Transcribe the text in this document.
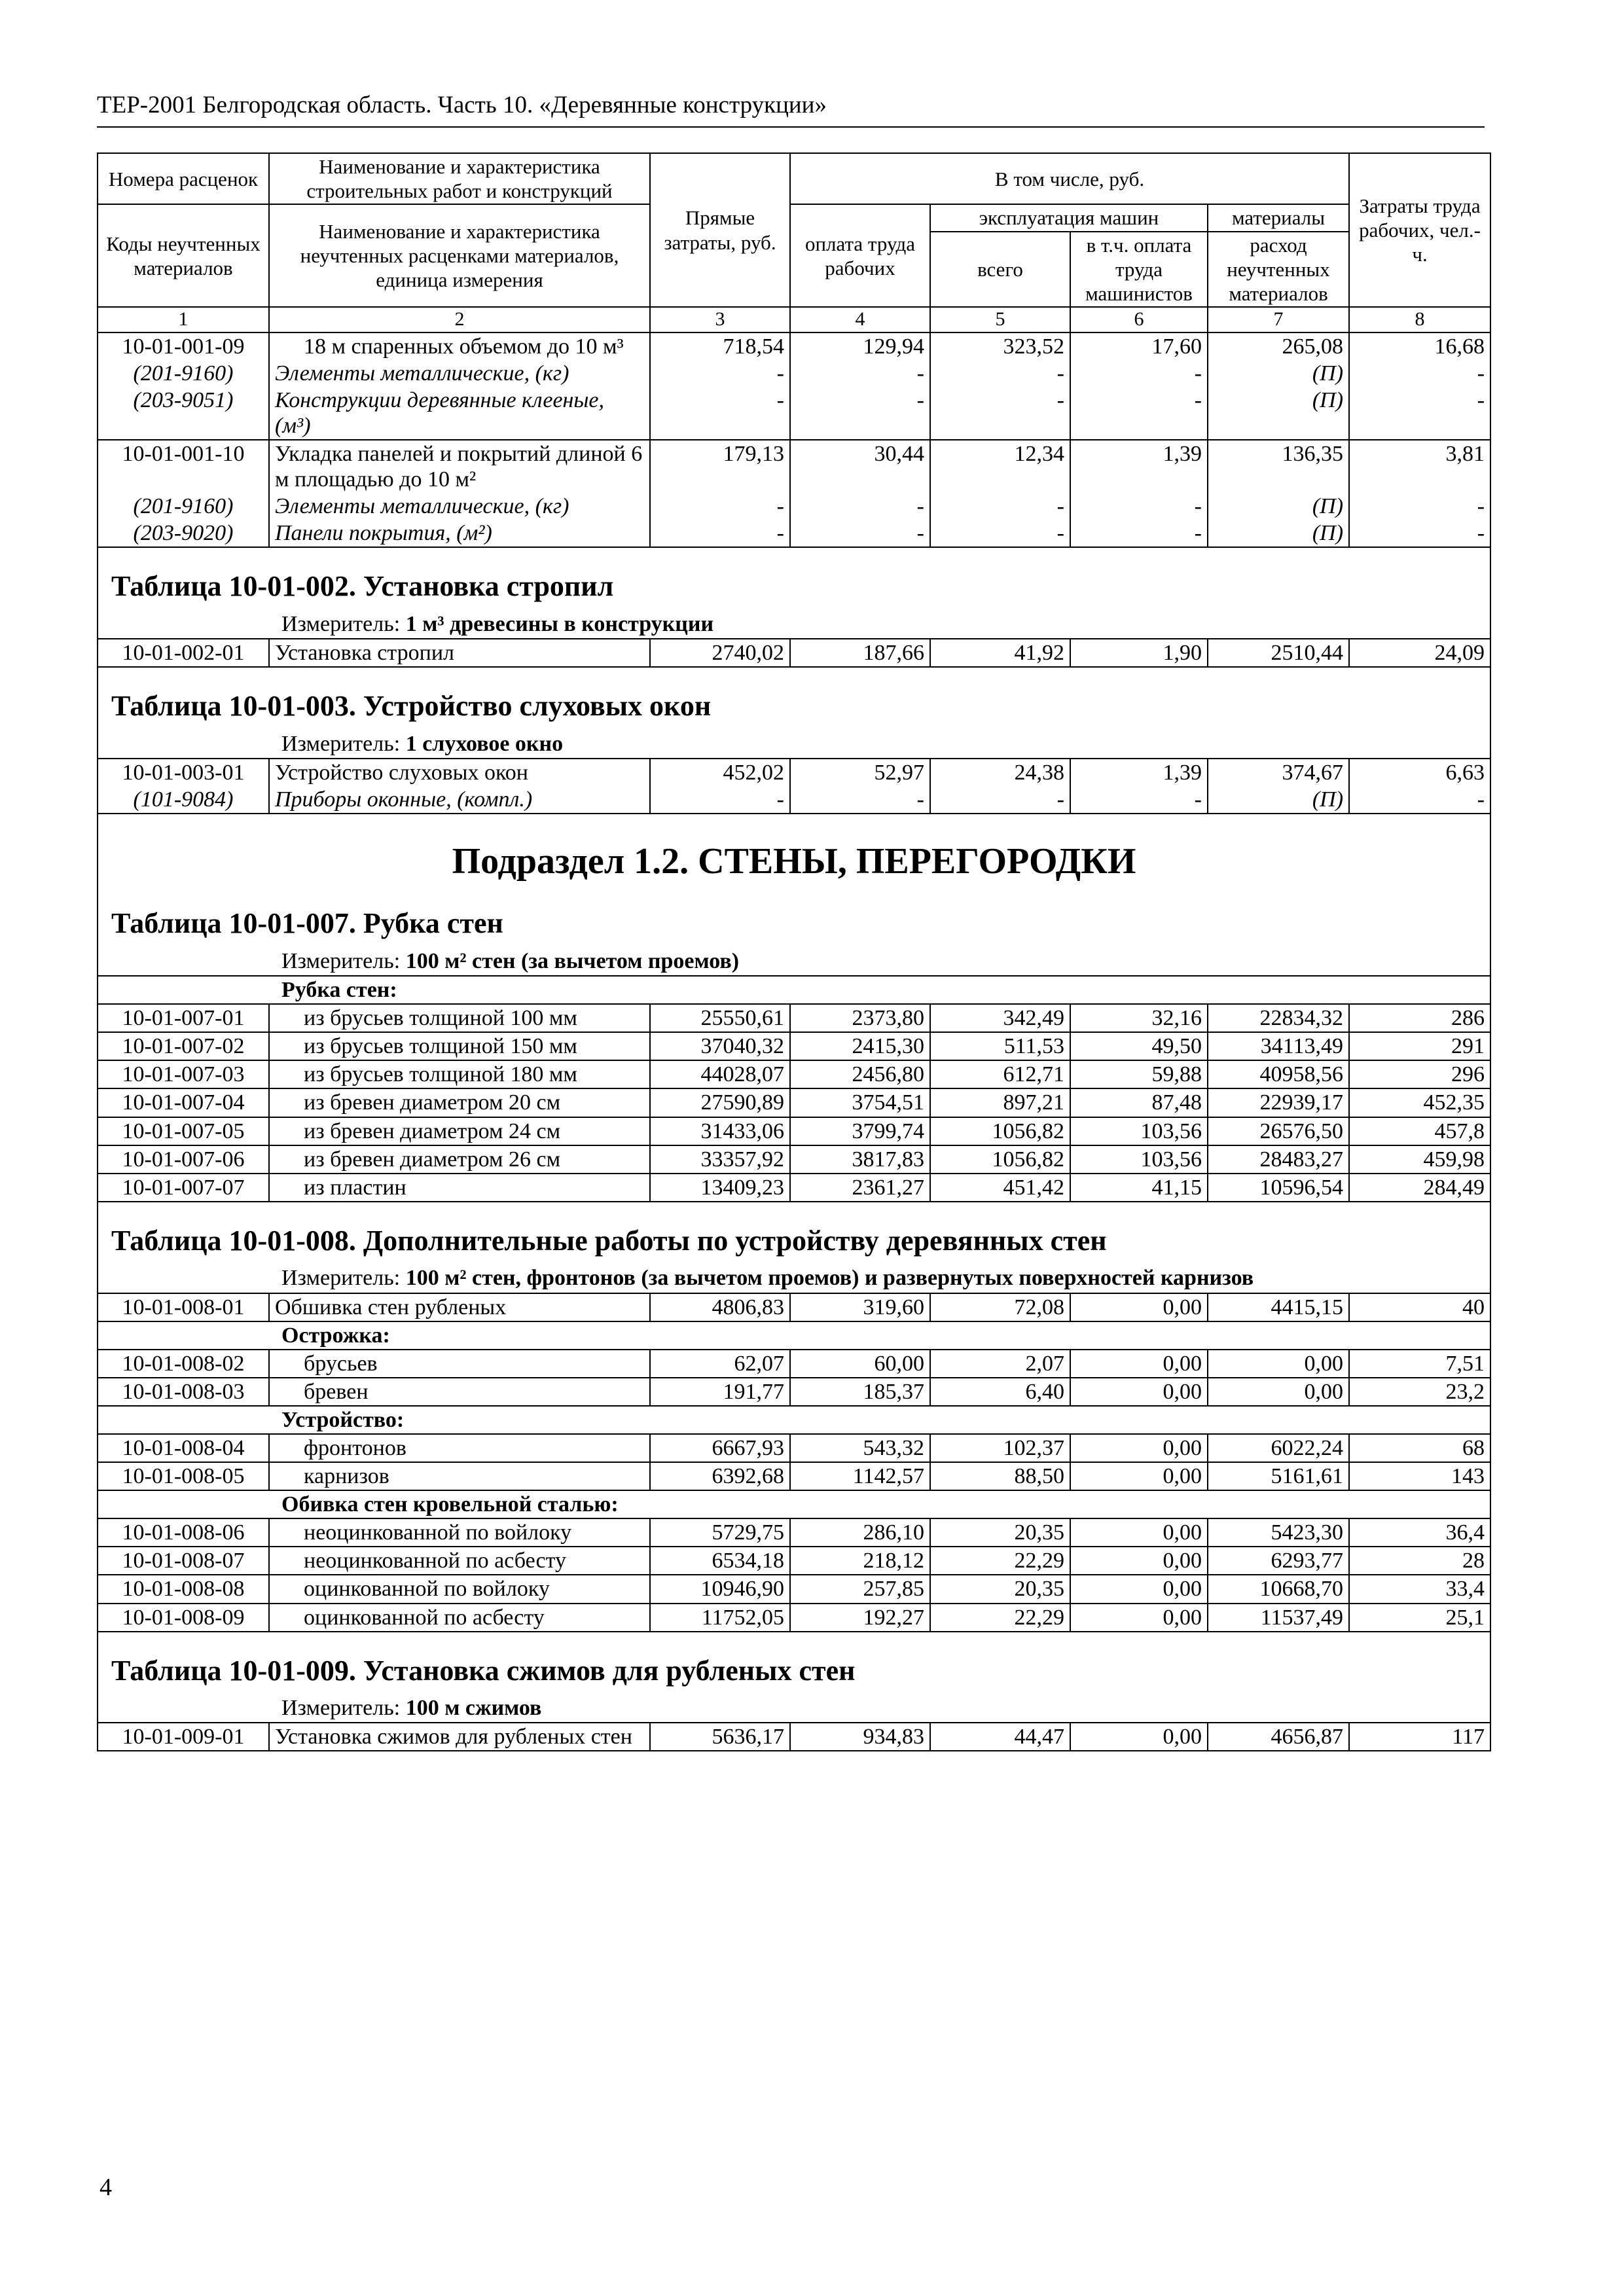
ТЕР-2001 Белгородская область. Часть 10. «Деревянные конструкции»
Номера расценок	Наименование и характеристика строительных работ и конструкций	Прямые затраты, руб.	В том числе, руб.				Затраты труда рабочих, чел.-ч.
Коды неучтенных материалов	Наименование и характеристика неучтенных расценками материалов, единица измерения		оплата труда рабочих	эксплуатация машин		материалы	
				всего	в т.ч. оплата труда машинистов	расход неучтенных материалов	
1	2	3	4	5	6	7	8
10-01-001-09	18 м спаренных объемом до 10 м³	718,54	129,94	323,52	17,60	265,08	16,68
(201-9160)	Элементы металлические, (кг)	-	-	-	-	(П)	-
(203-9051)	Конструкции деревянные клееные, (м³)	-	-	-	-	(П)	-
10-01-001-10	Укладка панелей и покрытий длиной 6 м площадью до 10 м²	179,13	30,44	12,34	1,39	136,35	3,81
(201-9160)	Элементы металлические, (кг)	-	-	-	-	(П)	-
(203-9020)	Панели покрытия, (м²)	-	-	-	-	(П)	-
Таблица 10-01-002. Установка стропил							
Измеритель: 1 м³ древесины в конструкции							
10-01-002-01	Установка стропил	2740,02	187,66	41,92	1,90	2510,44	24,09
Таблица 10-01-003. Устройство слуховых окон							
Измеритель: 1 слуховое окно							
10-01-003-01	Устройство слуховых окон	452,02	52,97	24,38	1,39	374,67	6,63
(101-9084)	Приборы оконные, (компл.)	-	-	-	-	(П)	-
Подраздел 1.2. СТЕНЫ, ПЕРЕГОРОДКИ							
Таблица 10-01-007. Рубка стен							
Измеритель: 100 м² стен (за вычетом проемов)							
Рубка стен:							
10-01-007-01	из брусьев толщиной 100 мм	25550,61	2373,80	342,49	32,16	22834,32	286
10-01-007-02	из брусьев толщиной 150 мм	37040,32	2415,30	511,53	49,50	34113,49	291
10-01-007-03	из брусьев толщиной 180 мм	44028,07	2456,80	612,71	59,88	40958,56	296
10-01-007-04	из бревен диаметром 20 см	27590,89	3754,51	897,21	87,48	22939,17	452,35
10-01-007-05	из бревен диаметром 24 см	31433,06	3799,74	1056,82	103,56	26576,50	457,8
10-01-007-06	из бревен диаметром 26 см	33357,92	3817,83	1056,82	103,56	28483,27	459,98
10-01-007-07	из пластин	13409,23	2361,27	451,42	41,15	10596,54	284,49
Таблица 10-01-008. Дополнительные работы по устройству деревянных стен							
Измеритель: 100 м² стен, фронтонов (за вычетом проемов) и развернутых поверхностей карнизов							
10-01-008-01	Обшивка стен рубленых	4806,83	319,60	72,08	0,00	4415,15	40
Острожка:							
10-01-008-02	брусьев	62,07	60,00	2,07	0,00	0,00	7,51
10-01-008-03	бревен	191,77	185,37	6,40	0,00	0,00	23,2
Устройство:							
10-01-008-04	фронтонов	6667,93	543,32	102,37	0,00	6022,24	68
10-01-008-05	карнизов	6392,68	1142,57	88,50	0,00	5161,61	143
Обивка стен кровельной сталью:							
10-01-008-06	неоцинкованной по войлоку	5729,75	286,10	20,35	0,00	5423,30	36,4
10-01-008-07	неоцинкованной по асбесту	6534,18	218,12	22,29	0,00	6293,77	28
10-01-008-08	оцинкованной по войлоку	10946,90	257,85	20,35	0,00	10668,70	33,4
10-01-008-09	оцинкованной по асбесту	11752,05	192,27	22,29	0,00	11537,49	25,1
Таблица 10-01-009. Установка сжимов для рубленых стен							
Измеритель: 100 м сжимов							
10-01-009-01	Установка сжимов для рубленых стен	5636,17	934,83	44,47	0,00	4656,87	117
4
